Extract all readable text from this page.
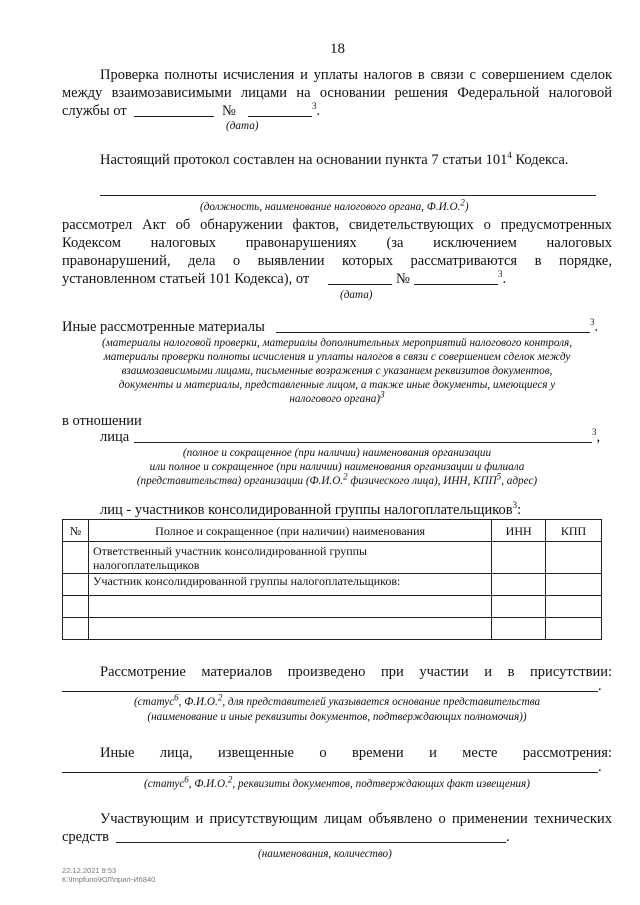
18
Проверка полноты исчисления и уплаты налогов в связи с совершением сделок
между взаимозависимыми лицами на основании решения Федеральной налоговой
службы от	№	$^3$.
(дата)
Настоящий протокол составлен на основании пункта 7 статьи $101^4$ Кодекса.
(должность, наименование налогового органа, Ф.И.О.$^2$)
рассмотрел Акт об обнаружении фактов, свидетельствующих о предусмотренных
Кодексом налоговых правонарушениях (за исключением налоговых
правонарушений, дела о выявлении которых рассматриваются в порядке,
установленном статьей 101 Кодекса), от	№	$^3$.
(дата)
Иные рассмотренные материалы	$^3$.
(материалы налоговой проверки, материалы дополнительных мероприятий налогового контроля,
материалы проверки полноты исчисления и уплаты налогов в связи с совершением сделок между
взаимозависимыми лицами, письменные возражения с указанием реквизитов документов,
документы и материалы, представленные лицом, а также иные документы, имеющиеся у
налогового органа)$^3$
в отношении
лица	$^3$,
(полное и сокращенное (при наличии) наименования организации
или полное и сокращенное (при наличии) наименования организации и филиала
(представительства) организации (Ф.И.О.$^2$ физического лица), ИНН, КПП$^5$, адрес)
лиц - участников консолидированной группы налогоплательщиков$^3$:
№	Полное и сокращенное (при наличии) наименования	ИНН	КПП

	Ответственный участник консолидированной группы налогоплательщиков		

	Участник консолидированной группы налогоплательщиков:		

Рассмотрение материалов произведено при участии и в присутствии:
.
(статус$^6$, Ф.И.О.$^2$, для представителей указывается основание представительства
(наименование и иные реквизиты документов, подтверждающих полномочия))
Иные лица, извещенные о времени и месте рассмотрения:
.
(статус$^6$, Ф.И.О.$^2$, реквизиты документов, подтверждающих факт извещения)
Участвующим и присутствующим лицам объявлено о применении технических
средств	.
(наименования, количество)
22.12.2021 9:53
К:\Impfuno\ЮЛ\прил-И6840
